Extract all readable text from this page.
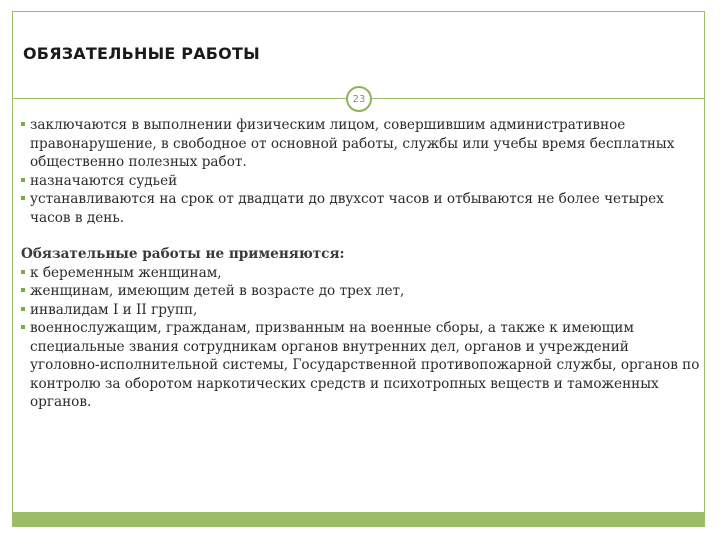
ОБЯЗАТЕЛЬНЫЕ РАБОТЫ
23
заключаются в выполнении физическим лицом, совершившим административное правонарушение, в свободное от основной работы, службы или учебы время бесплатных общественно полезных работ.
назначаются судьей
устанавливаются на срок от двадцати до двухсот часов и отбываются не более четырех часов в день.
Обязательные работы не применяются:
к беременным женщинам,
женщинам, имеющим детей в возрасте до трех лет,
инвалидам I и II групп,
военнослужащим, гражданам, призванным на военные сборы, а также к имеющим специальные звания сотрудникам органов внутренних дел, органов и учреждений уголовно-исполнительной системы, Государственной противопожарной службы, органов по контролю за оборотом наркотических средств и психотропных веществ и таможенных органов.
